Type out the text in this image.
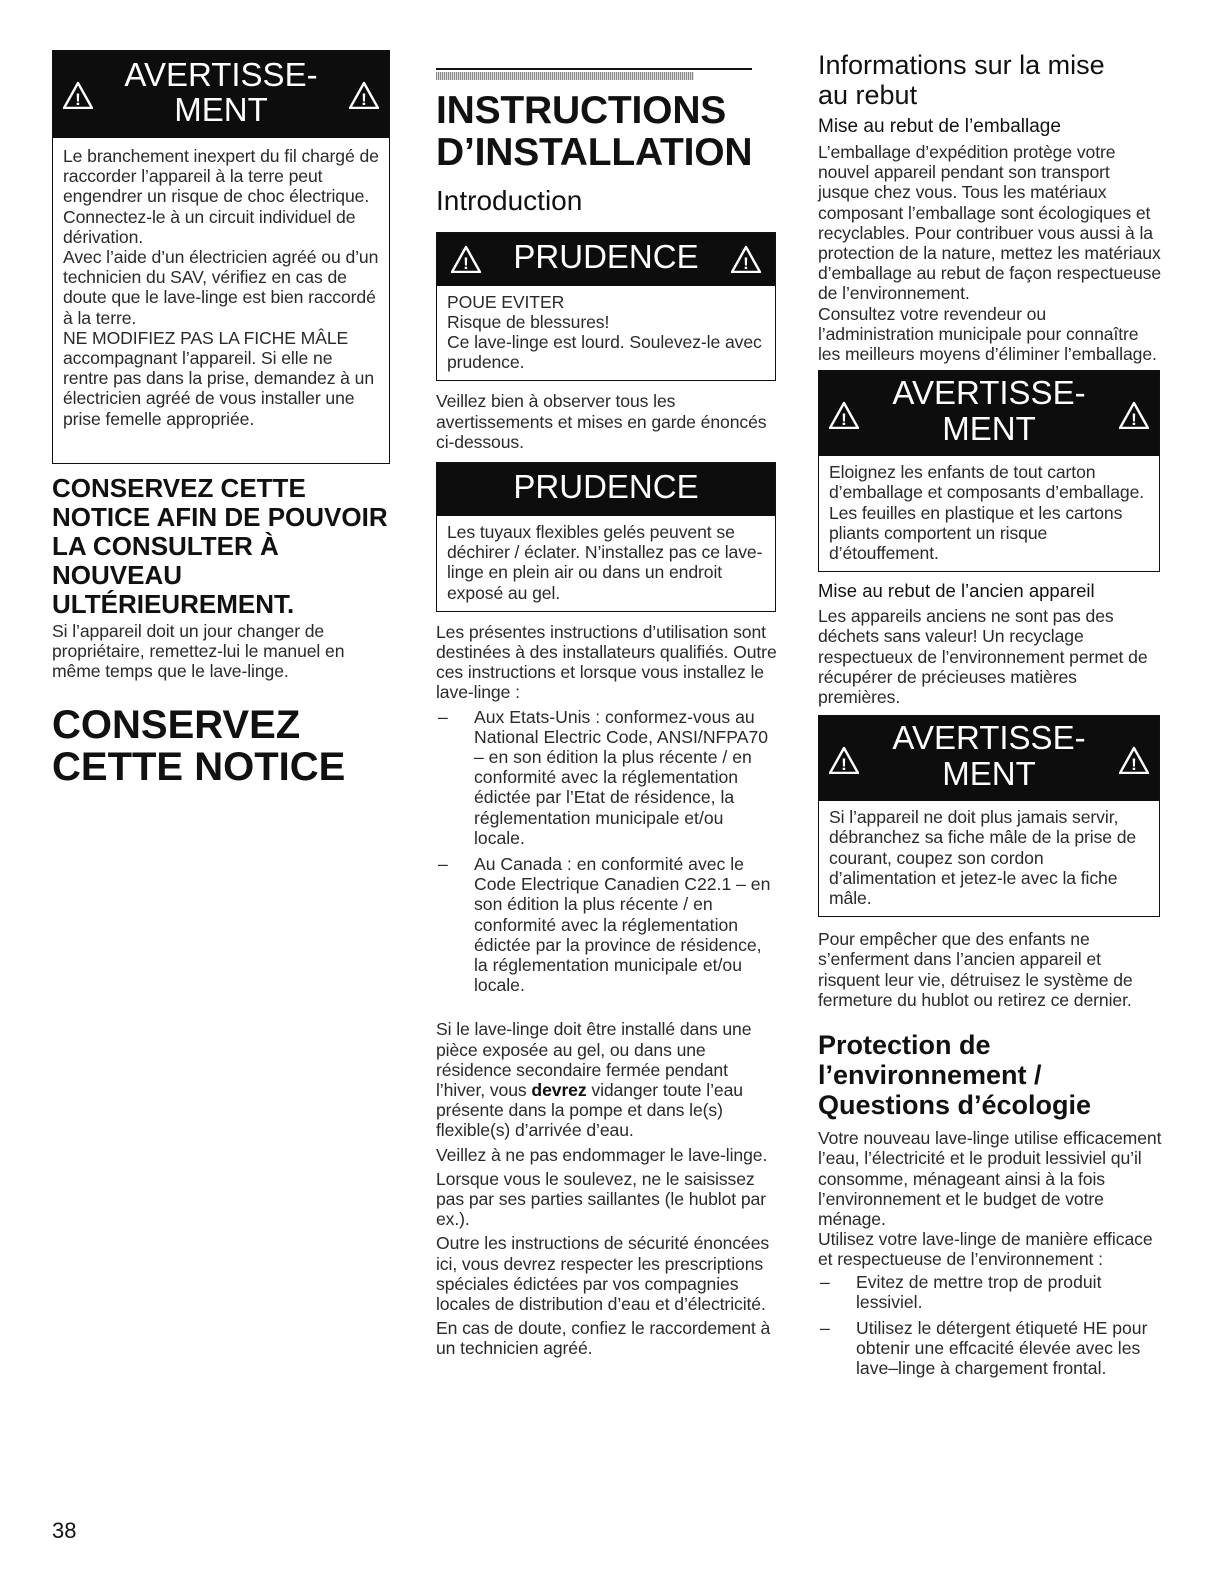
AVERTISSE-
MENT

Le branchement inexpert du fil chargé de raccorder l’appareil à la terre peut engendrer un risque de choc électrique.

Connectez-le à un circuit individuel de dérivation.

Avec l’aide d’un électricien agréé ou d’un technicien du SAV, vérifiez en cas de doute que le lave-linge est bien raccordé à la terre.

NE MODIFIEZ PAS LA FICHE MÂLE accompagnant l’appareil. Si elle ne rentre pas dans la prise, demandez à un électricien agréé de vous installer une prise femelle appropriée.

CONSERVEZ CETTE NOTICE AFIN DE POUVOIR LA CONSULTER À NOUVEAU ULTÉRIEUREMENT.

Si l’appareil doit un jour changer de propriétaire, remettez-lui le manuel en même temps que le lave-linge.

CONSERVEZ CETTE NOTICE
INSTRUCTIONS D’INSTALLATION
Introduction
PRUDENCE

POUE EVITER

Risque de blessures!

Ce lave-linge est lourd. Soulevez-le avec prudence.

Veillez bien à observer tous les avertissements et mises en garde énoncés ci-dessous.

PRUDENCE

Les tuyaux flexibles gelés peuvent se déchirer / éclater. N’installez pas ce lave-linge en plein air ou dans un endroit exposé au gel.

Les présentes instructions d’utilisation sont destinées à des installateurs qualifiés. Outre ces instructions et lorsque vous installez le lave-linge :

– Aux Etats-Unis : conformez-vous au National Electric Code, ANSI/NFPA70 – en son édition la plus récente / en conformité avec la réglementation édictée par l’Etat de résidence, la réglementation municipale et/ou locale.
– Au Canada : en conformité avec le Code Electrique Canadien C22.1 – en son édition la plus récente / en conformité avec la réglementation édictée par la province de résidence, la réglementation municipale et/ou locale.

Si le lave-linge doit être installé dans une pièce exposée au gel, ou dans une résidence secondaire fermée pendant l’hiver, vous devrez vidanger toute l’eau présente dans la pompe et dans le(s) flexible(s) d’arrivée d’eau.

Veillez à ne pas endommager le lave-linge.

Lorsque vous le soulevez, ne le saisissez pas par ses parties saillantes (le hublot par ex.).

Outre les instructions de sécurité énoncées ici, vous devrez respecter les prescriptions spéciales édictées par vos compagnies locales de distribution d’eau et d’électricité.

En cas de doute, confiez le raccordement à un technicien agréé.

Informations sur la mise au rebut
Mise au rebut de l’emballage

L’emballage d’expédition protège votre nouvel appareil pendant son transport jusque chez vous. Tous les matériaux composant l’emballage sont écologiques et recyclables. Pour contribuer vous aussi à la protection de la nature, mettez les matériaux d’emballage au rebut de façon respectueuse de l’environnement.

Consultez votre revendeur ou l’administration municipale pour connaître les meilleurs moyens d’éliminer l’emballage.

AVERTISSE-
MENT

Eloignez les enfants de tout carton d’emballage et composants d’emballage. Les feuilles en plastique et les cartons pliants comportent un risque d’étouffement.

Mise au rebut de l’ancien appareil

Les appareils anciens ne sont pas des déchets sans valeur! Un recyclage respectueux de l’environnement permet de récupérer de précieuses matières premières.

AVERTISSE-
MENT

Si l’appareil ne doit plus jamais servir, débranchez sa fiche mâle de la prise de courant, coupez son cordon d’alimentation et jetez-le avec la fiche mâle.

Pour empêcher que des enfants ne s’enferment dans l’ancien appareil et risquent leur vie, détruisez le système de fermeture du hublot ou retirez ce dernier.

Protection de l’environnement / Questions d’écologie

Votre nouveau lave-linge utilise efficacement l’eau, l’électricité et le produit lessiviel qu’il consomme, ménageant ainsi à la fois l’environnement et le budget de votre ménage.

Utilisez votre lave-linge de manière efficace et respectueuse de l’environnement :

– Evitez de mettre trop de produit lessiviel.
– Utilisez le détergent étiqueté HE pour obtenir une effcacité élevée avec les lave–linge à chargement frontal.
38
